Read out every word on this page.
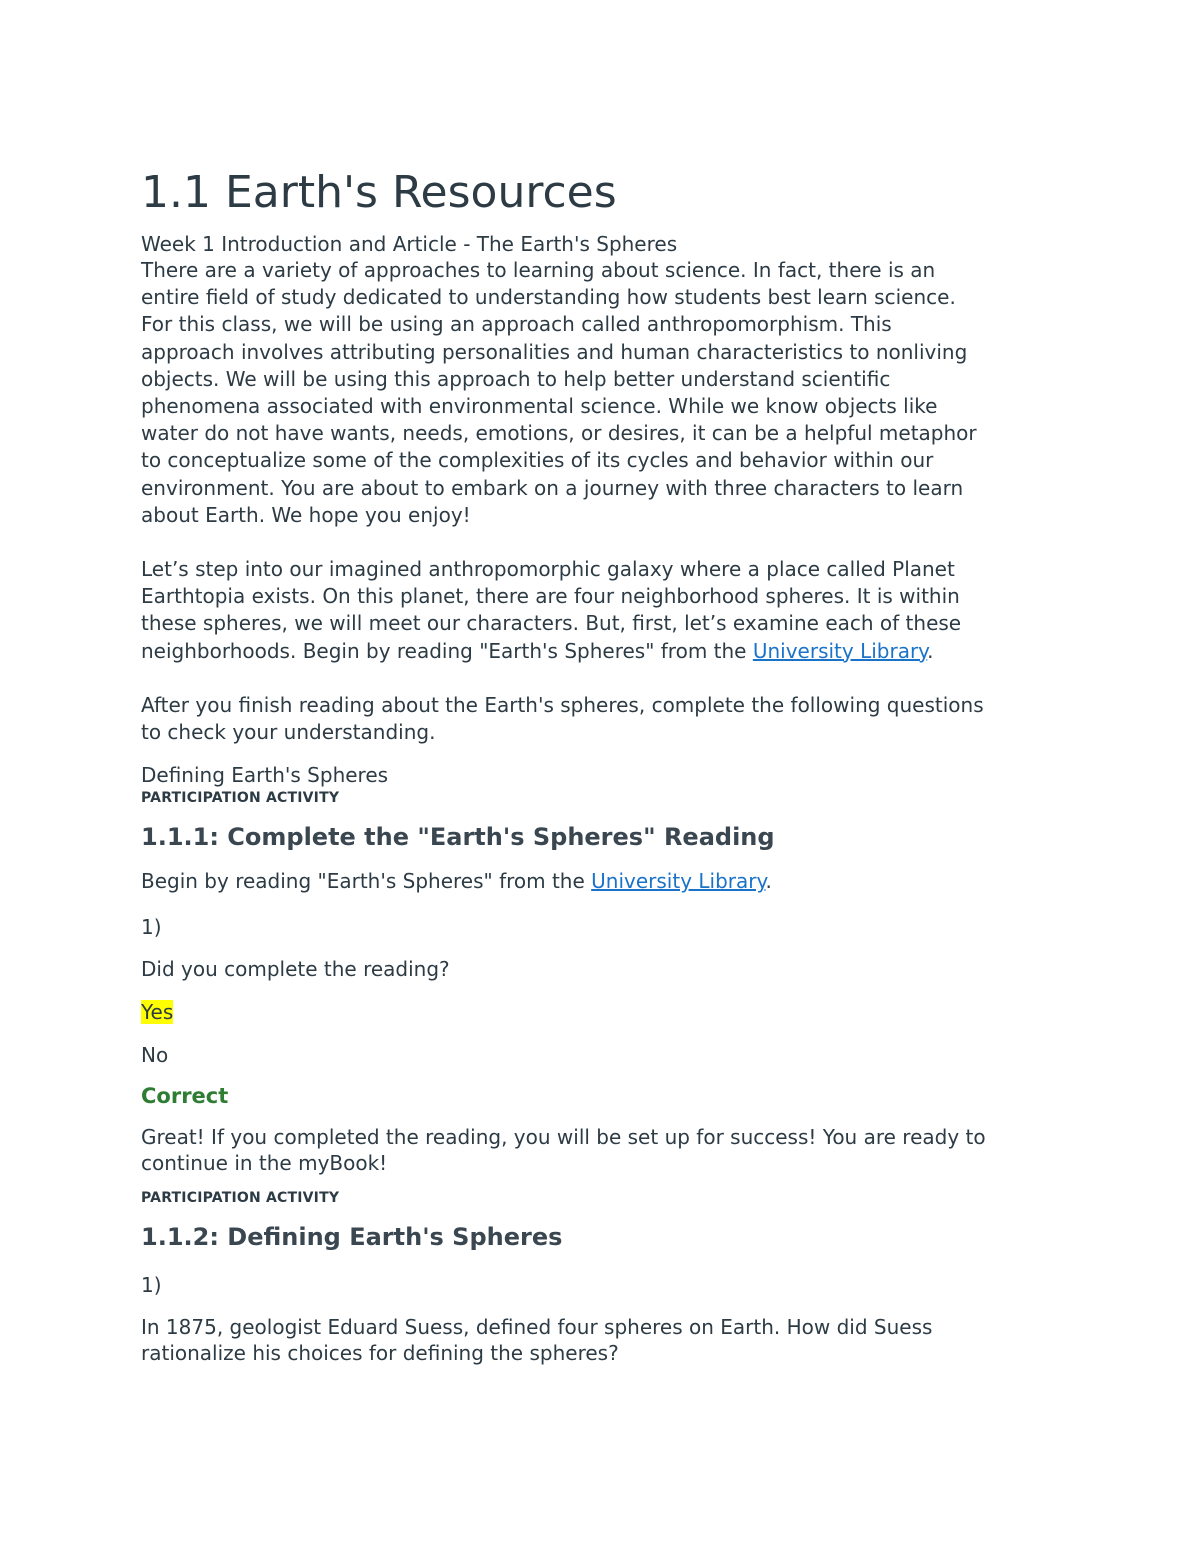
1.1 Earth's Resources
Week 1 Introduction and Article - The Earth's Spheres
There are a variety of approaches to learning about science. In fact, there is an
entire field of study dedicated to understanding how students best learn science.
For this class, we will be using an approach called anthropomorphism. This
approach involves attributing personalities and human characteristics to nonliving
objects. We will be using this approach to help better understand scientific
phenomena associated with environmental science. While we know objects like
water do not have wants, needs, emotions, or desires, it can be a helpful metaphor
to conceptualize some of the complexities of its cycles and behavior within our
environment. You are about to embark on a journey with three characters to learn
about Earth. We hope you enjoy!
Let’s step into our imagined anthropomorphic galaxy where a place called Planet
Earthtopia exists. On this planet, there are four neighborhood spheres. It is within
these spheres, we will meet our characters. But, first, let’s examine each of these
neighborhoods. Begin by reading "Earth's Spheres" from the University Library.
After you finish reading about the Earth's spheres, complete the following questions
to check your understanding.
Defining Earth's Spheres
PARTICIPATION ACTIVITY
1.1.1: Complete the "Earth's Spheres" Reading
Begin by reading "Earth's Spheres" from the University Library.
1)
Did you complete the reading?
Yes
No
Correct
Great! If you completed the reading, you will be set up for success! You are ready to
continue in the myBook!
PARTICIPATION ACTIVITY
1.1.2: Defining Earth's Spheres
1)
In 1875, geologist Eduard Suess, defined four spheres on Earth. How did Suess
rationalize his choices for defining the spheres?
